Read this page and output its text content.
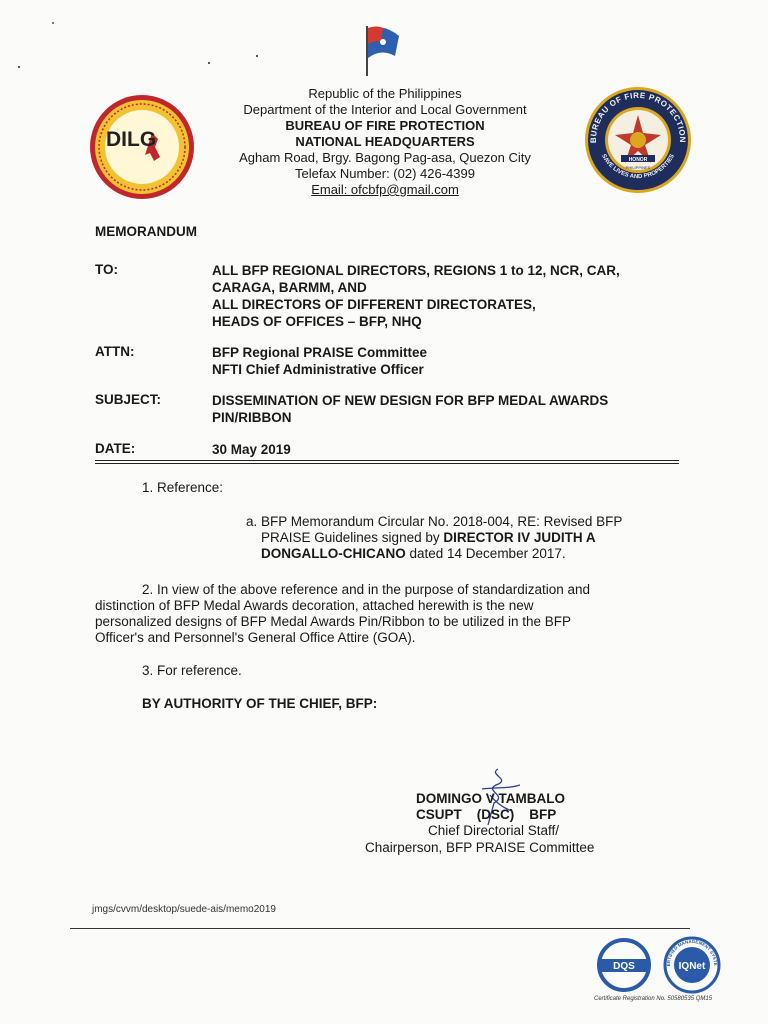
DILG	BUREAU OF FIRE PROTECTION
SAVE LIVES AND PROPERTIES
HONOR
PHILIPPINES
Republic of the Philippines
Department of the Interior and Local Government
BUREAU OF FIRE PROTECTION
NATIONAL HEADQUARTERS
Agham Road, Brgy. Bagong Pag-asa, Quezon City
Telefax Number: (02) 426-4399
Email: ofcbfp@gmail.com
MEMORANDUM
TO:	ALL BFP REGIONAL DIRECTORS, REGIONS 1 to 12, NCR, CAR,
CARAGA, BARMM, AND
ALL DIRECTORS OF DIFFERENT DIRECTORATES,
HEADS OF OFFICES – BFP, NHQ
ATTN:	BFP Regional PRAISE Committee
NFTI Chief Administrative Officer
SUBJECT:	DISSEMINATION OF NEW DESIGN FOR BFP MEDAL AWARDS
PIN/RIBBON
DATE:	30 May 2019
1. Reference:
a. BFP Memorandum Circular No. 2018-004, RE: Revised BFP
PRAISE Guidelines signed by DIRECTOR IV JUDITH A
DONGALLO-CHICANO dated 14 December 2017.
2. In view of the above reference and in the purpose of standardization and
distinction of BFP Medal Awards decoration, attached herewith is the new
personalized designs of BFP Medal Awards Pin/Ribbon to be utilized in the BFP
Officer's and Personnel's General Office Attire (GOA).
3. For reference.
BY AUTHORITY OF THE CHIEF, BFP:
DOMINGO V TAMBALO
CSUPT    (DSC)    BFP
Chief Directorial Staff/
Chairperson, BFP PRAISE Committee
jmgs/cvvm/desktop/suede-ais/memo2019
DQS
CERTIFIED MANAGEMENT SYSTEM
IQNet
Certificate Registration No. 50580535 QM15
